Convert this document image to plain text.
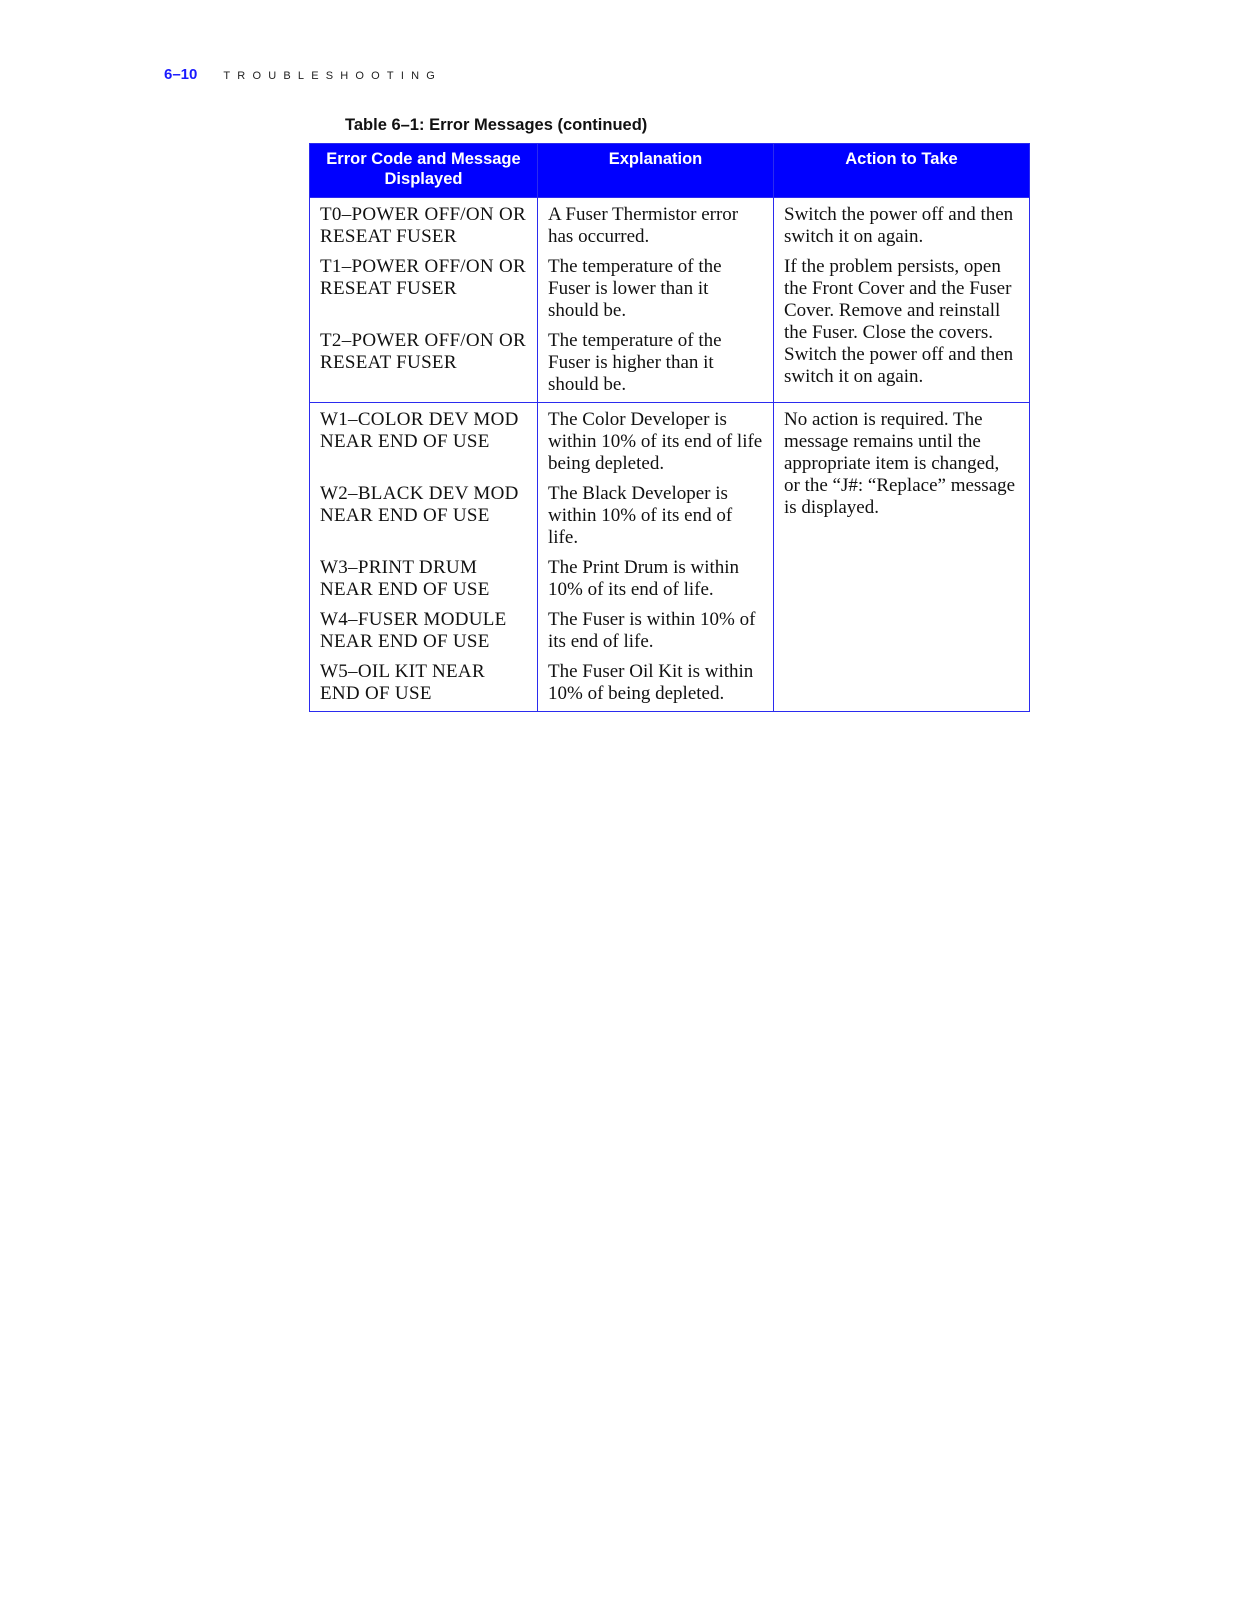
6–10 TROUBLESHOOTING
Table 6–1: Error Messages (continued)
Error Code and Message Displayed	Explanation	Action to Take
T0–POWER OFF/ON OR RESEAT FUSER	A Fuser Thermistor error has occurred.	Switch the power off and then switch it on again.
T1–POWER OFF/ON OR RESEAT FUSER	The temperature of the Fuser is lower than it should be.	If the problem persists, open the Front Cover and the Fuser Cover. Remove and reinstall the Fuser. Close the covers. Switch the power off and then switch it on again.
T2–POWER OFF/ON OR RESEAT FUSER	The temperature of the Fuser is higher than it should be.	
W1–COLOR DEV MOD NEAR END OF USE	The Color Developer is within 10% of its end of life being depleted.	No action is required. The message remains until the appropriate item is changed, or the “J#: “Replace” message is displayed.
W2–BLACK DEV MOD NEAR END OF USE	The Black Developer is within 10% of its end of life.	
W3–PRINT DRUM NEAR END OF USE	The Print Drum is within 10% of its end of life.	
W4–FUSER MODULE NEAR END OF USE	The Fuser is within 10% of its end of life.	
W5–OIL KIT NEAR END OF USE	The Fuser Oil Kit is within 10% of being depleted.	
